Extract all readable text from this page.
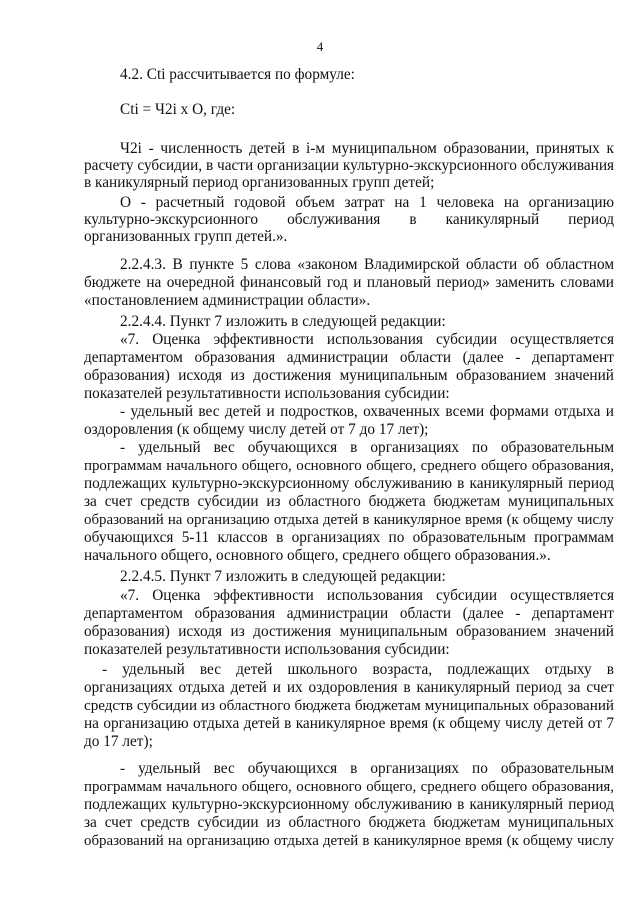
4
4.2. Сti рассчитывается по формуле:
Сti = Ч2i х О, где:
Ч2i - численность детей в i-м муниципальном образовании, принятых к
расчету субсидии, в части организации культурно-экскурсионного обслуживания
в каникулярный период организованных групп детей;
О - расчетный годовой объем затрат на 1 человека на организацию
культурно-экскурсионного обслуживания в каникулярный период
организованных групп детей.».
2.2.4.3. В пункте 5 слова «законом Владимирской области об областном
бюджете на очередной финансовый год и плановый период» заменить словами
«постановлением администрации области».
2.2.4.4. Пункт 7 изложить в следующей редакции:
«7. Оценка эффективности использования субсидии осуществляется
департаментом образования администрации области (далее - департамент
образования) исходя из достижения муниципальным образованием значений
показателей результативности использования субсидии:
- удельный вес детей и подростков, охваченных всеми формами отдыха и
оздоровления (к общему числу детей от 7 до 17 лет);
- удельный вес обучающихся в организациях по образовательным
программам начального общего, основного общего, среднего общего образования,
подлежащих культурно-экскурсионному обслуживанию в каникулярный период
за счет средств субсидии из областного бюджета бюджетам муниципальных
образований на организацию отдыха детей в каникулярное время (к общему числу
обучающихся 5-11 классов в организациях по образовательным программам
начального общего, основного общего, среднего общего образования.».
2.2.4.5. Пункт 7 изложить в следующей редакции:
«7. Оценка эффективности использования субсидии осуществляется
департаментом образования администрации области (далее - департамент
образования) исходя из достижения муниципальным образованием значений
показателей результативности использования субсидии:
- удельный вес детей школьного возраста, подлежащих отдыху в
организациях отдыха детей и их оздоровления в каникулярный период за счет
средств субсидии из областного бюджета бюджетам муниципальных образований
на организацию отдыха детей в каникулярное время (к общему числу детей от 7
до 17 лет);
- удельный вес обучающихся в организациях по образовательным
программам начального общего, основного общего, среднего общего образования,
подлежащих культурно-экскурсионному обслуживанию в каникулярный период
за счет средств субсидии из областного бюджета бюджетам муниципальных
образований на организацию отдыха детей в каникулярное время (к общему числу
